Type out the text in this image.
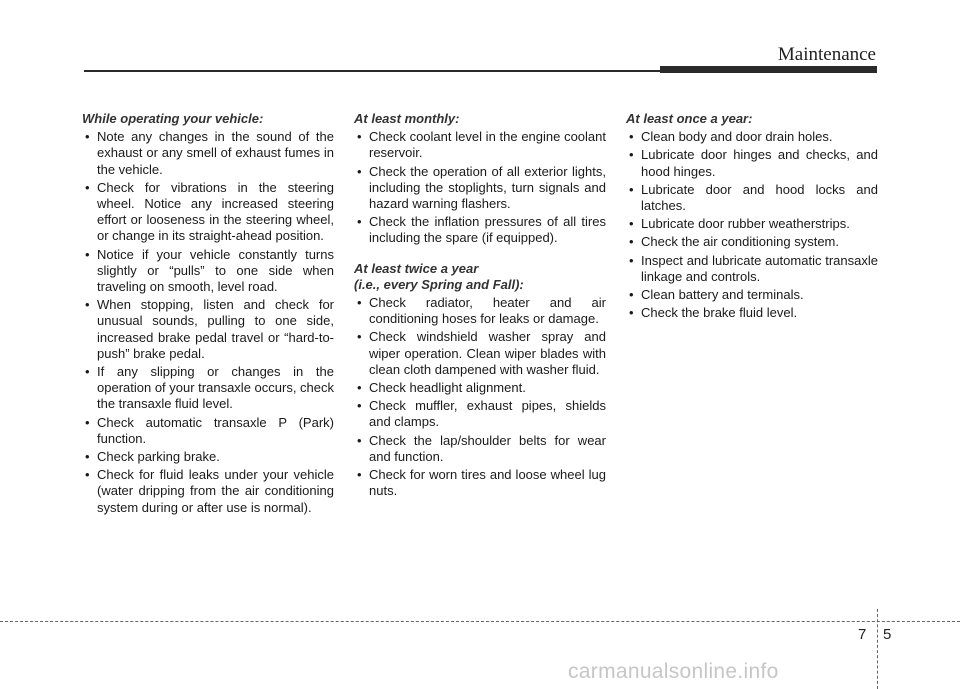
Maintenance
While operating your vehicle:
• Note any changes in the sound of the exhaust or any smell of exhaust fumes in the vehicle.
• Check for vibrations in the steering wheel. Notice any increased steering effort or looseness in the steering wheel, or change in its straight-ahead position.
• Notice if your vehicle constantly turns slightly or “pulls” to one side when traveling on smooth, level road.
• When stopping, listen and check for unusual sounds, pulling to one side, increased brake pedal travel or “hard-to-push” brake pedal.
• If any slipping or changes in the operation of your transaxle occurs, check the transaxle fluid level.
• Check automatic transaxle P (Park) function.
• Check parking brake.
• Check for fluid leaks under your vehicle (water dripping from the air conditioning system during or after use is normal).
At least monthly:
• Check coolant level in the engine coolant reservoir.
• Check the operation of all exterior lights, including the stoplights, turn signals and hazard warning flashers.
• Check the inflation pressures of all tires including the spare (if equipped).
At least twice a year
(i.e., every Spring and Fall):
• Check radiator, heater and air conditioning hoses for leaks or damage.
• Check windshield washer spray and wiper operation. Clean wiper blades with clean cloth dampened with washer fluid.
• Check headlight alignment.
• Check muffler, exhaust pipes, shields and clamps.
• Check the lap/shoulder belts for wear and function.
• Check for worn tires and loose wheel lug nuts.
At least once a year:
• Clean body and door drain holes.
• Lubricate door hinges and checks, and hood hinges.
• Lubricate door and hood locks and latches.
• Lubricate door rubber weatherstrips.
• Check the air conditioning system.
• Inspect and lubricate automatic transaxle linkage and controls.
• Clean battery and terminals.
• Check the brake fluid level.
7 5
carmanualsonline.info
